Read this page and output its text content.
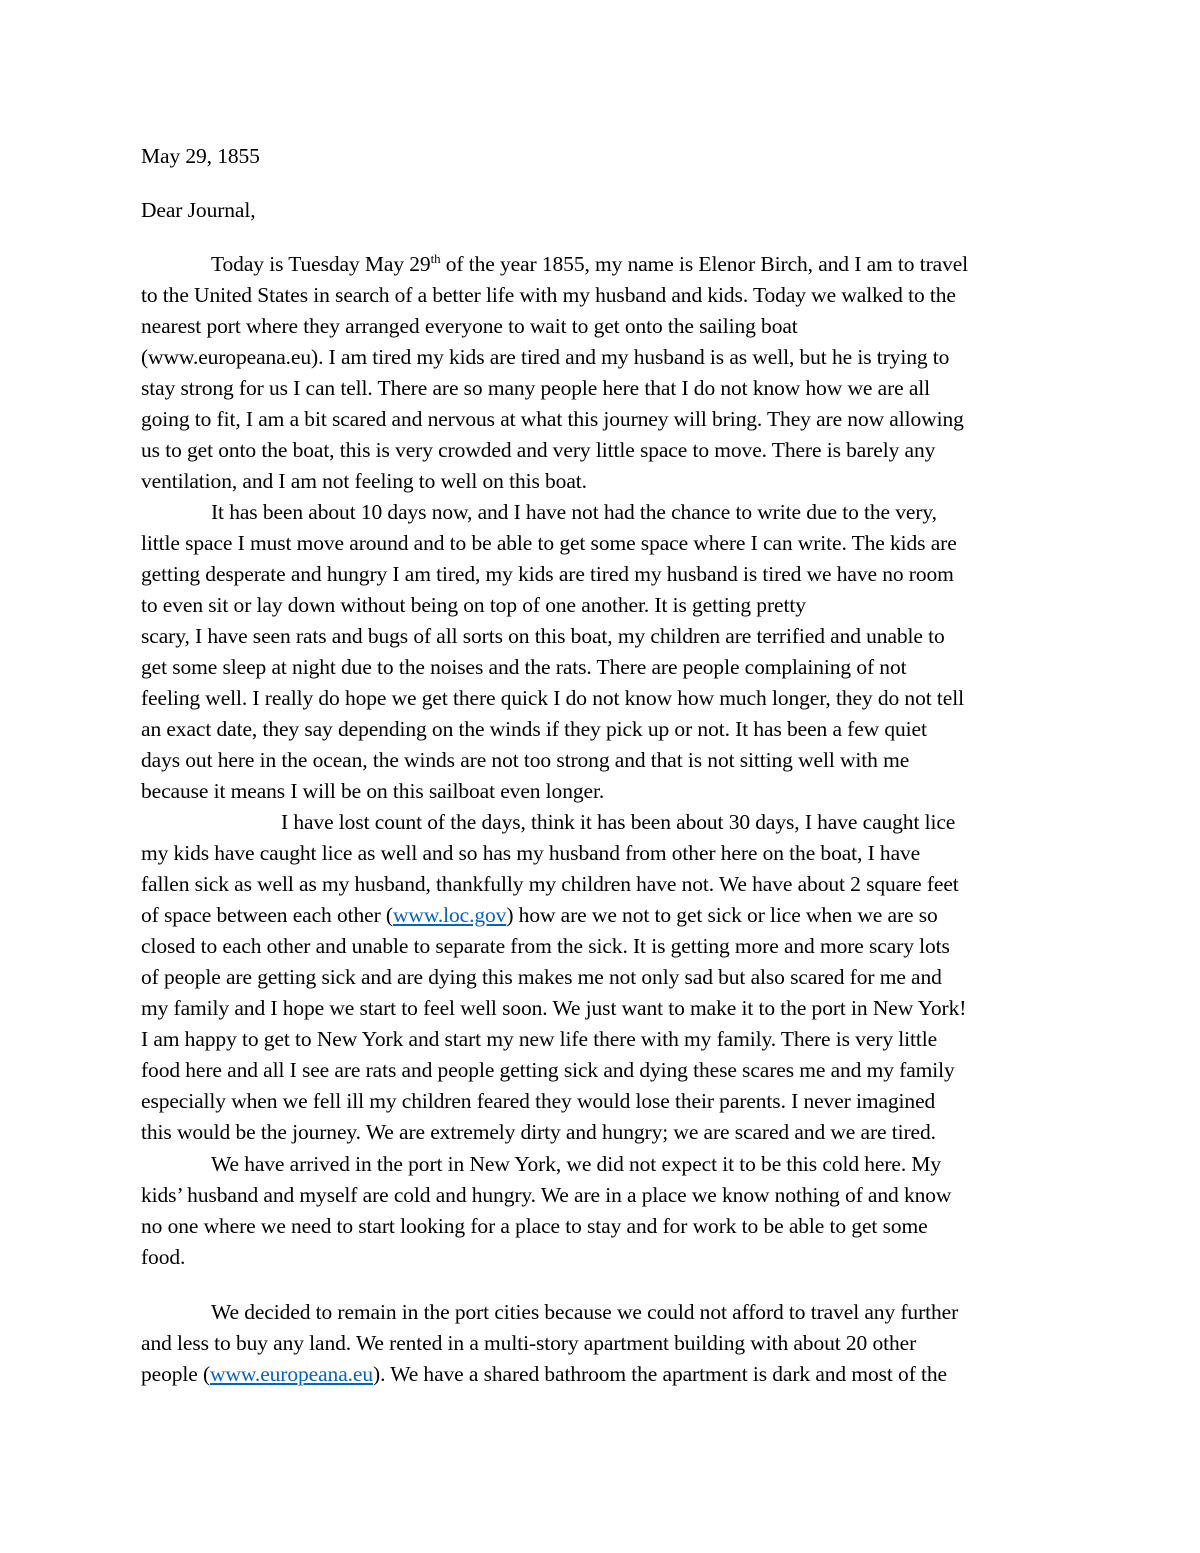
May 29, 1855
Dear Journal,
Today is Tuesday May 29th of the year 1855, my name is Elenor Birch, and I am to travel
to the United States in search of a better life with my husband and kids. Today we walked to the
nearest port where they arranged everyone to wait to get onto the sailing boat
(www.europeana.eu). I am tired my kids are tired and my husband is as well, but he is trying to
stay strong for us I can tell. There are so many people here that I do not know how we are all
going to fit, I am a bit scared and nervous at what this journey will bring. They are now allowing
us to get onto the boat, this is very crowded and very little space to move. There is barely any
ventilation, and I am not feeling to well on this boat.
It has been about 10 days now, and I have not had the chance to write due to the very,
little space I must move around and to be able to get some space where I can write. The kids are
getting desperate and hungry I am tired, my kids are tired my husband is tired we have no room
to even sit or lay down without being on top of one another. It is getting pretty
scary, I have seen rats and bugs of all sorts on this boat, my children are terrified and unable to
get some sleep at night due to the noises and the rats. There are people complaining of not
feeling well. I really do hope we get there quick I do not know how much longer, they do not tell
an exact date, they say depending on the winds if they pick up or not. It has been a few quiet
days out here in the ocean, the winds are not too strong and that is not sitting well with me
because it means I will be on this sailboat even longer.
I have lost count of the days, think it has been about 30 days, I have caught lice
my kids have caught lice as well and so has my husband from other here on the boat, I have
fallen sick as well as my husband, thankfully my children have not. We have about 2 square feet
of space between each other (www.loc.gov) how are we not to get sick or lice when we are so
closed to each other and unable to separate from the sick. It is getting more and more scary lots
of people are getting sick and are dying this makes me not only sad but also scared for me and
my family and I hope we start to feel well soon. We just want to make it to the port in New York!
I am happy to get to New York and start my new life there with my family. There is very little
food here and all I see are rats and people getting sick and dying these scares me and my family
especially when we fell ill my children feared they would lose their parents. I never imagined
this would be the journey. We are extremely dirty and hungry; we are scared and we are tired.
We have arrived in the port in New York, we did not expect it to be this cold here. My
kids’ husband and myself are cold and hungry. We are in a place we know nothing of and know
no one where we need to start looking for a place to stay and for work to be able to get some
food.
We decided to remain in the port cities because we could not afford to travel any further
and less to buy any land. We rented in a multi-story apartment building with about 20 other
people (www.europeana.eu). We have a shared bathroom the apartment is dark and most of the
